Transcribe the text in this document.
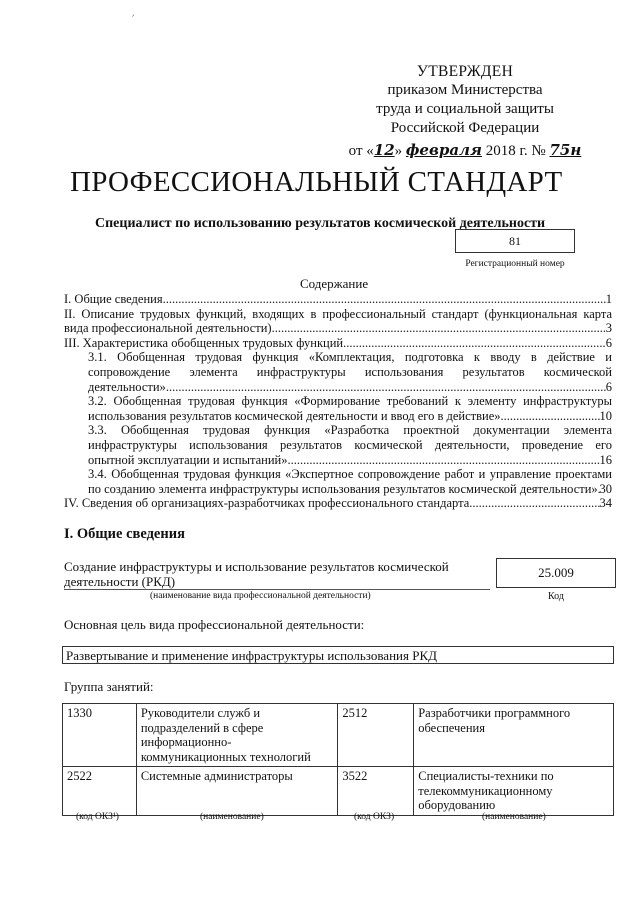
׳
УТВЕРЖДЕН
приказом Министерства
труда и социальной защиты
Российской Федерации
от «12» февраля 2018 г. № 75н
ПРОФЕССИОНАЛЬНЫЙ СТАНДАРТ
Специалист по использованию результатов космической деятельности
81
Регистрационный номер
Содержание
I. Общие сведения .....	1
II. Описание трудовых функций, входящих в профессиональный стандарт (функциональная карта
вида профессиональной деятельности) .....	3
III. Характеристика обобщенных трудовых функций .....	6
3.1. Обобщенная трудовая функция «Комплектация, подготовка к вводу в действие и сопровождение элемента инфраструктуры использования результатов космической
деятельности» .....	6
3.2. Обобщенная трудовая функция «Формирование требований к элементу инфраструктуры
использования результатов космической деятельности и ввод его в действие» .....	10
3.3. Обобщенная трудовая функция «Разработка проектной документации элемента инфраструктуры использования результатов космической деятельности, проведение его
опытной эксплуатации и испытаний» .....	16
3.4. Обобщенная трудовая функция «Экспертное сопровождение работ и управление проектами
по созданию элемента инфраструктуры использования результатов космической деятельности» ..... 30
IV. Сведения об организациях-разработчиках профессионального стандарта .....	34
I. Общие сведения
Создание инфраструктуры и использование результатов космической деятельности (РКД)
(наименование вида профессиональной деятельности)
25.009
Код
Основная цель вида профессиональной деятельности:
Развертывание и применение инфраструктуры использования РКД
Группа занятий:
1330	Руководители служб и подразделений в сфере информационно-коммуникационных технологий	2512	Разработчики программного обеспечения
2522	Системные администраторы	3522	Специалисты-техники по телекоммуникационному оборудованию
(код ОКЗ¹)	(наименование)	(код ОКЗ)	(наименование)
